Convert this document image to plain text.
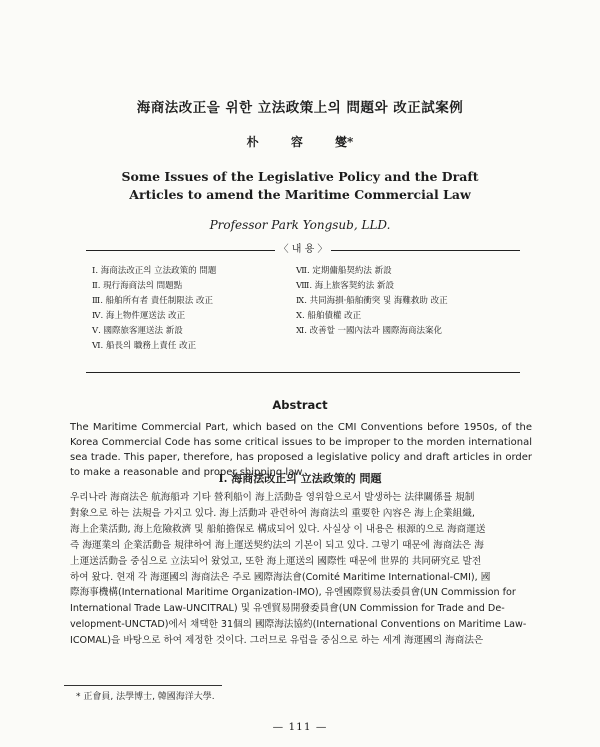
海商法改正을 위한 立法政策上의 問題와 改正試案例
朴 容 燮*
Some Issues of the Legislative Policy and the Draft
Articles to amend the Maritime Commercial Law
Professor Park Yongsub, LLD.
〈 내 용 〉
Ⅰ. 海商法改正의 立法政策的 問題
Ⅱ. 現行海商法의 問題點
Ⅲ. 船舶所有者 責任制限法 改正
Ⅳ. 海上物件運送法 改正
Ⅴ. 國際旅客運送法 新設
Ⅵ. 船長의 職務上責任 改正
Ⅶ. 定期傭船契約法 新設
Ⅷ. 海上旅客契約法 新設
Ⅸ. 共同海損·船舶衝突 및 海難救助 改正
Ⅹ. 船舶債權 改正
Ⅺ. 改善할 一國內法과 國際海商法案化
Abstract
The Maritime Commercial Part, which based on the CMI Conventions before 1950s, of the Korea Commercial Code has some critical issues to be improper to the morden international sea trade. This paper, therefore, has proposed a legislative policy and draft articles in order to make a reasonable and proper shipping law.
Ⅰ. 海商法改正의 立法政策的 問題
우리나라 海商法은 航海船과 기타 營利船이 海上活動을 영위함으로서 발생하는 法律關係를 規制
對象으로 하는 法規을 가지고 있다. 海上活動과 관련하여 海商法의 重要한 內容은 海上企業組織,
海上企業活動, 海上危險救濟 및 船舶擔保로 構成되어 있다. 사실상 이 내용은 根源的으로 海商運送
즉 海運業의 企業活動을 規律하여 海上運送契約法의 기본이 되고 있다. 그렇기 때문에 海商法은 海
上運送活動을 중심으로 立法되어 왔었고, 또한 海上運送의 國際性 때문에 世界的 共同硏究로 발전
하여 왔다. 현재 각 海運國의 海商法은 주로 國際海法會(Comité Maritime International-CMI), 國
際海事機構(International Maritime Organization-IMO), 유엔國際貿易法委員會(UN Commission for
International Trade Law-UNCITRAL) 및 유엔貿易開發委員會(UN Commission for Trade and De-
velopment-UNCTAD)에서 채택한 31個의 國際海法協約(International Conventions on Maritime Law-
ICOMAL)을 바탕으로 하여 제정한 것이다. 그러므로 유럽을 중심으로 하는 세계 海運國의 海商法은
* 正會員, 法學博士, 韓國海洋大學.
— 111 —
